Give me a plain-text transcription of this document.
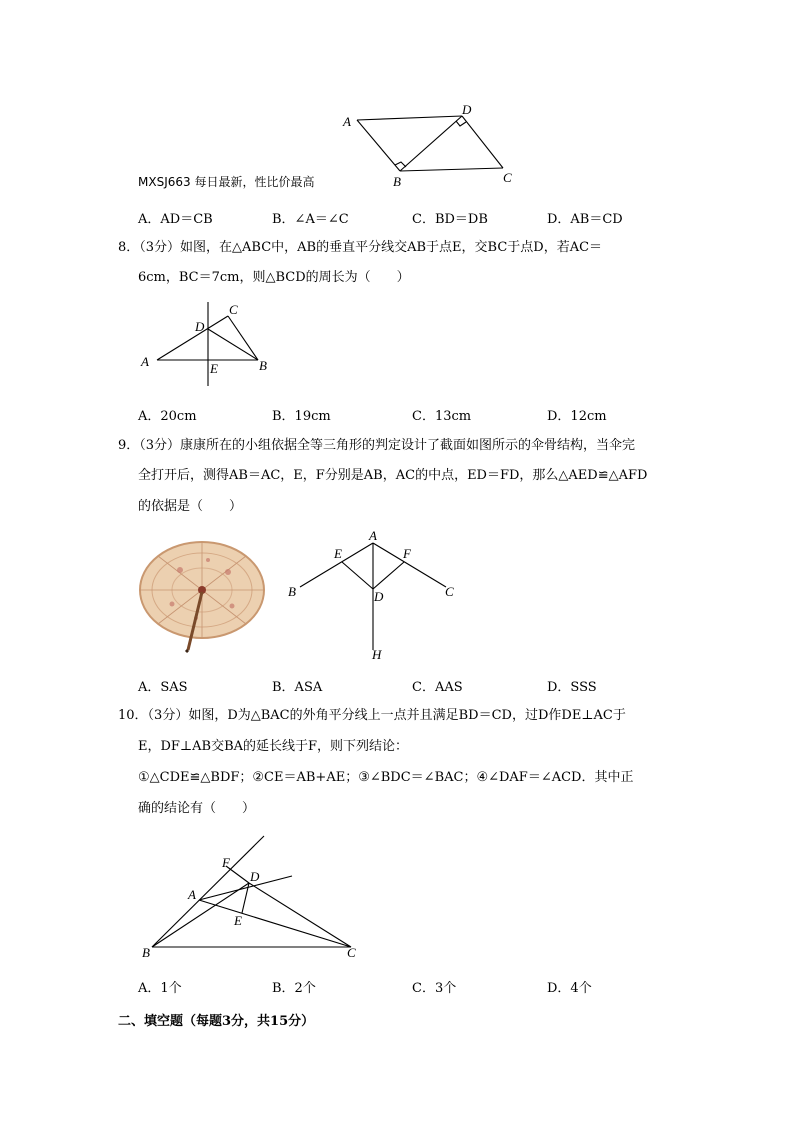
A
D
B	C
MXSJ663 每日最新，性比价最高
A．AD＝CB	B．∠A＝∠C	C．BD＝DB	D．AB＝CD
8．（3分）如图，在△ABC中，AB的垂直平分线交AB于点E，交BC于点D，若AC＝
6cm，BC＝7cm，则△BCD的周长为（　　）
A
D
C
E	B
A．20cm	B．19cm	C．13cm	D．12cm
9．（3分）康康所在的小组依据全等三角形的判定设计了截面如图所示的伞骨结构，当伞完
全打开后，测得AB＝AC，E，F分别是AB，AC的中点，ED＝FD，那么△AED≌△AFD
的依据是（　　）
A
E	F
B	C
D
H
A．SAS	B．ASA	C．AAS	D．SSS
10．（3分）如图，D为△BAC的外角平分线上一点并且满足BD＝CD，过D作DE⊥AC于
E，DF⊥AB交BA的延长线于F，则下列结论：
①△CDE≌△BDF；②CE＝AB+AE；③∠BDC＝∠BAC；④∠DAF＝∠ACD．其中正
确的结论有（　　）
F
D
A
E
B	C
A．1个	B．2个	C．3个	D．4个
二、填空题（每题3分，共15分）
